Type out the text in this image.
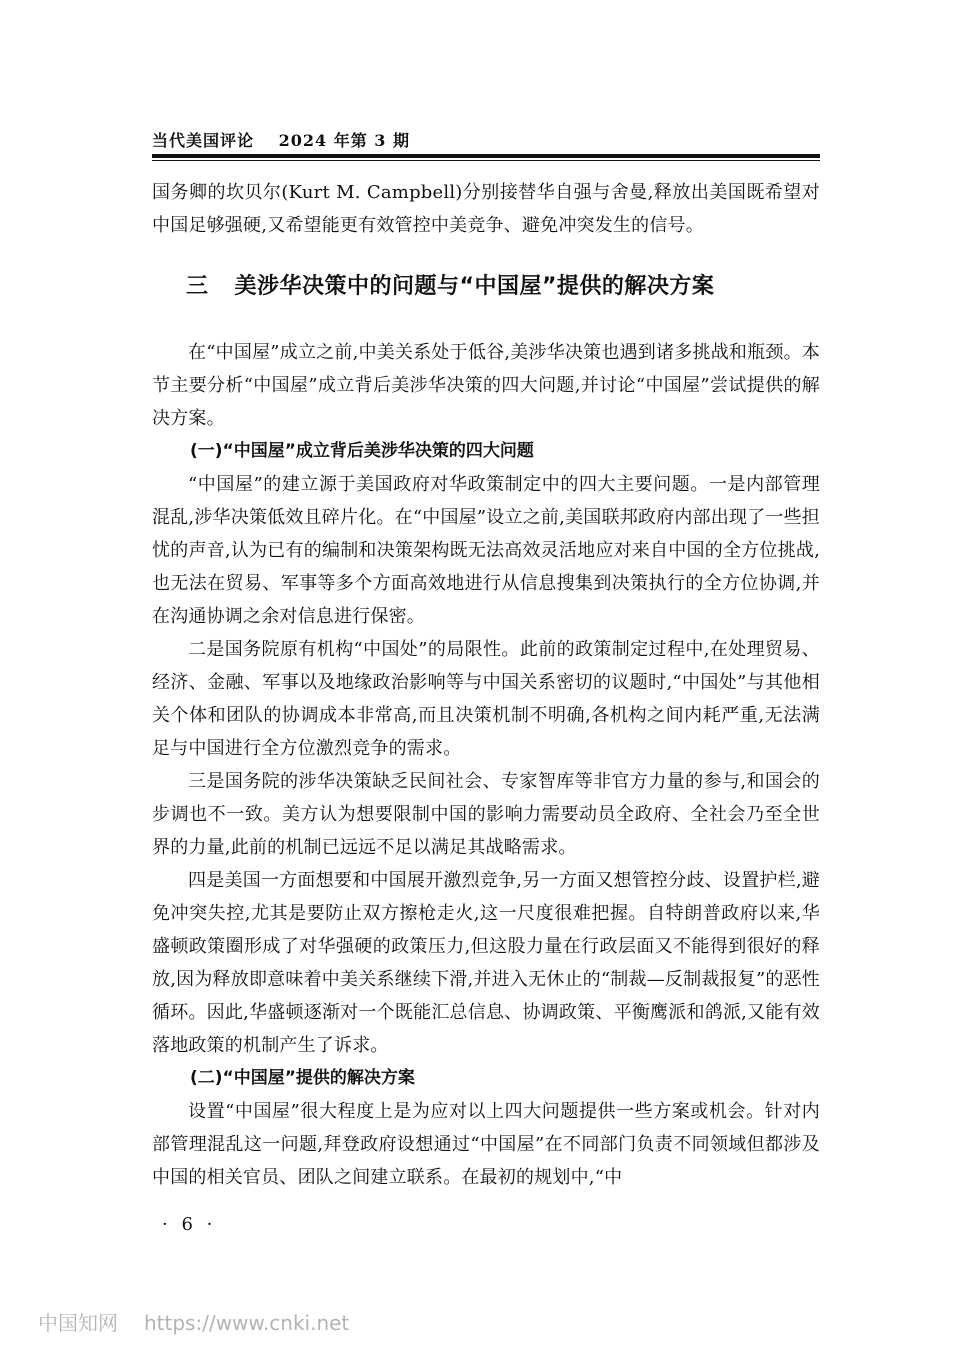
当代美国评论 2024 年第 3 期

国务卿的坎贝尔(Kurt M. Campbell)分别接替华自强与舍曼,释放出美国既希望对中国足够强硬,又希望能更有效管控中美竞争、避免冲突发生的信号。

三 美涉华决策中的问题与“中国屋”提供的解决方案

在“中国屋”成立之前,中美关系处于低谷,美涉华决策也遇到诸多挑战和瓶颈。本节主要分析“中国屋”成立背后美涉华决策的四大问题,并讨论“中国屋”尝试提供的解决方案。

(一)“中国屋”成立背后美涉华决策的四大问题

“中国屋”的建立源于美国政府对华政策制定中的四大主要问题。一是内部管理混乱,涉华决策低效且碎片化。在“中国屋”设立之前,美国联邦政府内部出现了一些担忧的声音,认为已有的编制和决策架构既无法高效灵活地应对来自中国的全方位挑战,也无法在贸易、军事等多个方面高效地进行从信息搜集到决策执行的全方位协调,并在沟通协调之余对信息进行保密。

二是国务院原有机构“中国处”的局限性。此前的政策制定过程中,在处理贸易、经济、金融、军事以及地缘政治影响等与中国关系密切的议题时,“中国处”与其他相关个体和团队的协调成本非常高,而且决策机制不明确,各机构之间内耗严重,无法满足与中国进行全方位激烈竞争的需求。

三是国务院的涉华决策缺乏民间社会、专家智库等非官方力量的参与,和国会的步调也不一致。美方认为想要限制中国的影响力需要动员全政府、全社会乃至全世界的力量,此前的机制已远远不足以满足其战略需求。

四是美国一方面想要和中国展开激烈竞争,另一方面又想管控分歧、设置护栏,避免冲突失控,尤其是要防止双方擦枪走火,这一尺度很难把握。自特朗普政府以来,华盛顿政策圈形成了对华强硬的政策压力,但这股力量在行政层面又不能得到很好的释放,因为释放即意味着中美关系继续下滑,并进入无休止的“制裁—反制裁报复”的恶性循环。因此,华盛顿逐渐对一个既能汇总信息、协调政策、平衡鹰派和鸽派,又能有效落地政策的机制产生了诉求。

(二)“中国屋”提供的解决方案

设置“中国屋”很大程度上是为应对以上四大问题提供一些方案或机会。针对内部管理混乱这一问题,拜登政府设想通过“中国屋”在不同部门负责不同领域但都涉及中国的相关官员、团队之间建立联系。在最初的规划中,“中

· 6 ·
中国知网 https://www.cnki.net
